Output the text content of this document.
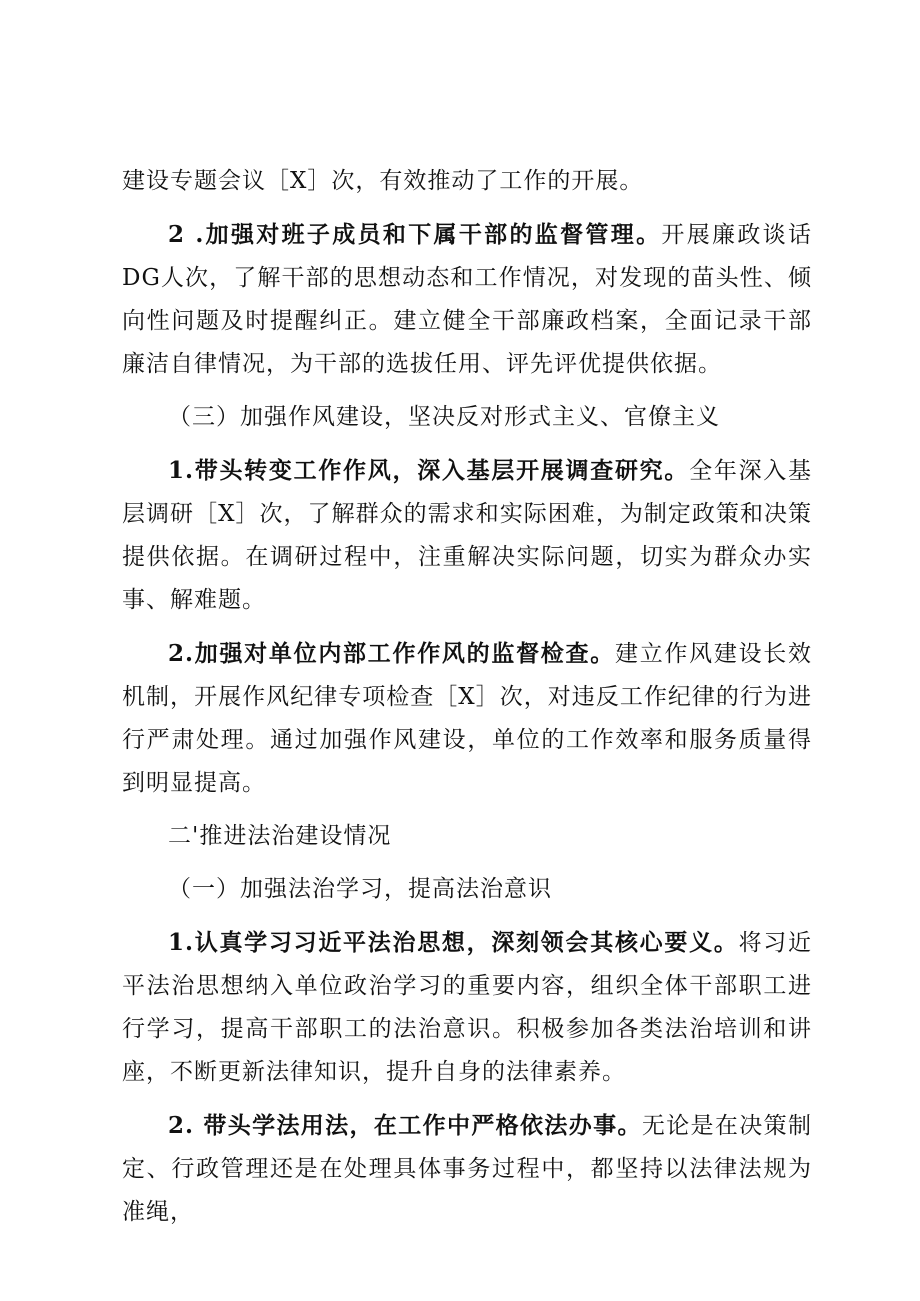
建设专题会议［X］次，有效推动了工作的开展。

2 .加强对班子成员和下属干部的监督管理。开展廉政谈话DG人次，了解干部的思想动态和工作情况，对发现的苗头性、倾向性问题及时提醒纠正。建立健全干部廉政档案，全面记录干部廉洁自律情况，为干部的选拔任用、评先评优提供依据。

（三）加强作风建设，坚决反对形式主义、官僚主义

1.带头转变工作作风，深入基层开展调查研究。全年深入基层调研［X］次，了解群众的需求和实际困难，为制定政策和决策提供依据。在调研过程中，注重解决实际问题，切实为群众办实事、解难题。

2.加强对单位内部工作作风的监督检查。建立作风建设长效机制，开展作风纪律专项检查［X］次，对违反工作纪律的行为进行严肃处理。通过加强作风建设，单位的工作效率和服务质量得到明显提高。

二'推进法治建设情况

（一）加强法治学习，提高法治意识

1.认真学习习近平法治思想，深刻领会其核心要义。将习近平法治思想纳入单位政治学习的重要内容，组织全体干部职工进行学习，提高干部职工的法治意识。积极参加各类法治培训和讲座，不断更新法律知识，提升自身的法律素养。

2. 带头学法用法，在工作中严格依法办事。无论是在决策制定、行政管理还是在处理具体事务过程中，都坚持以法律法规为准绳，
